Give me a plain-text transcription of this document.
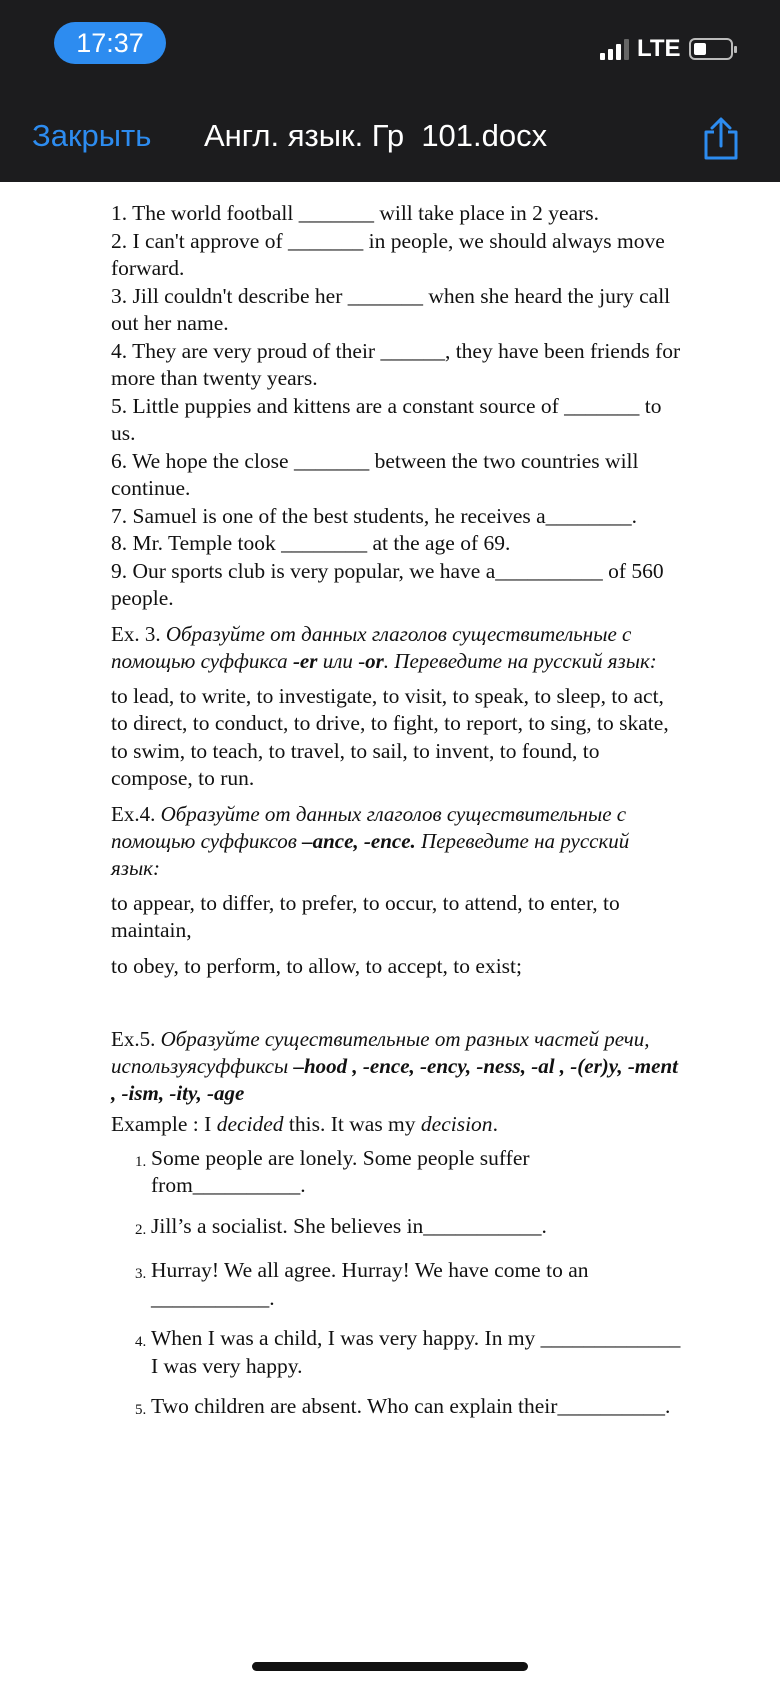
17:37	LTE
Закрыть Англ. язык. Гр  101.docx

1. The world football _______ will take place in 2 years.

2. I can't approve of _______ in people, we should always move forward.

3. Jill couldn't describe her _______ when she heard the jury call out her name.

4. They are very proud of their ______, they have been friends for more than twenty years.

5. Little puppies and kittens are a constant source of _______ to us.

6. We hope the close _______ between the two countries will continue.

7. Samuel is one of the best students, he receives a________.

8. Mr. Temple took ________ at the age of 69.

9. Our sports club is very popular, we have a__________ of 560 people.

Ex. 3. Образуйте от данных глаголов существительные с помощью суффикса -er или -or. Переведите на русский язык:

to lead, to write, to investigate, to visit, to speak, to sleep, to act, to direct, to conduct, to drive, to fight, to report, to sing, to skate, to swim, to teach, to travel, to sail, to invent, to found, to compose, to run.

Ex.4. Образуйте от данных глаголов существительные с помощью суффиксов –ance, -ence. Переведите на русский язык:

to appear, to differ, to prefer, to occur, to attend, to enter, to maintain,

to obey, to perform, to allow, to accept, to exist;

Ex.5. Образуйте существительные от разных частей речи, используясуффиксы –hood , -ence, -ency, -ness, -al , -(er)y, -ment , -ism, -ity, -age

Example : I decided this. It was my decision.

1. Some people are lonely. Some people suffer from__________.
2. Jill’s a socialist. She believes in___________.
3. Hurray! We all agree. Hurray! We have come to an ___________.
4. When I was a child, I was very happy. In my _____________ I was very happy.
5. Two children are absent. Who can explain their__________.
